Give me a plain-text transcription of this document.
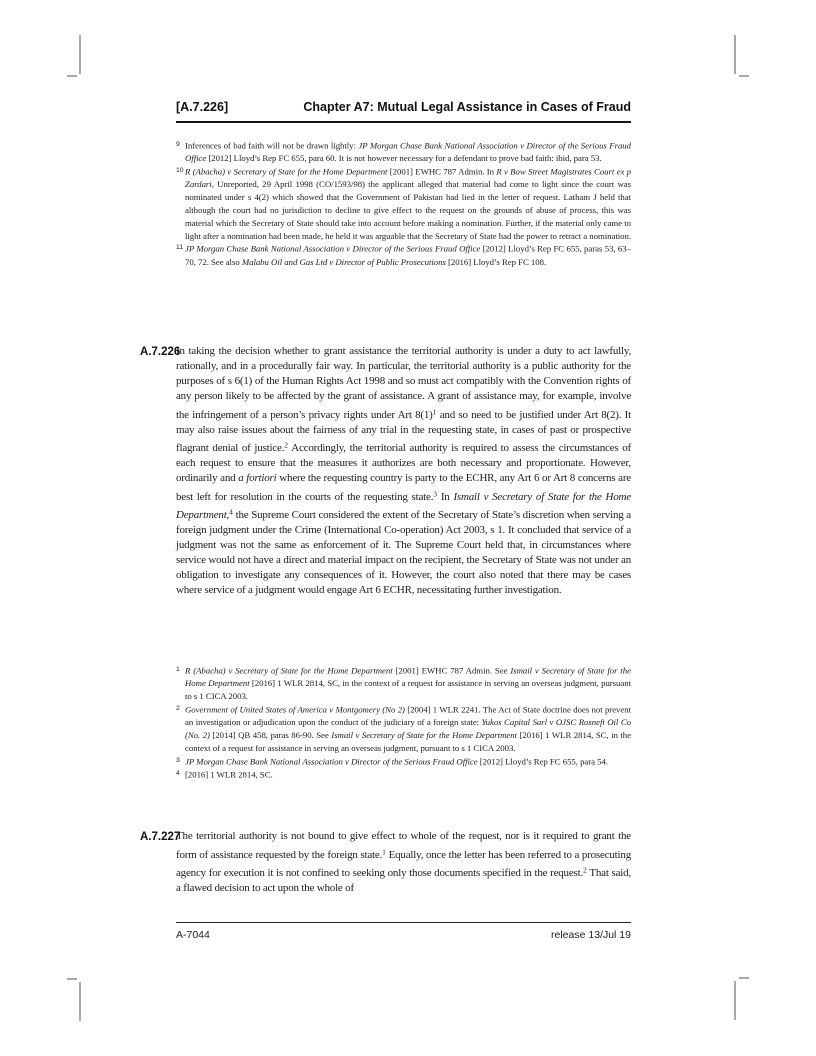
[A.7.226]	Chapter A7: Mutual Legal Assistance in Cases of Fraud
9 Inferences of bad faith will not be drawn lightly: JP Morgan Chase Bank National Association v Director of the Serious Fraud Office [2012] Lloyd’s Rep FC 655, para 60. It is not however necessary for a defendant to prove bad faith: ibid, para 53.
10 R (Abacha) v Secretary of State for the Home Department [2001] EWHC 787 Admin. In R v Bow Street Magistrates Court ex p Zardari, Unreported, 29 April 1998 (CO/1593/98) the applicant alleged that material had come to light since the court was nominated under s 4(2) which showed that the Government of Pakistan had lied in the letter of request. Latham J held that although the court had no jurisdiction to decline to give effect to the request on the grounds of abuse of process, this was material which the Secretary of State should take into account before making a nomination. Further, if the material only came to light after a nomination had been made, he held it was arguable that the Secretary of State had the power to retract a nomination.
11 JP Morgan Chase Bank National Association v Director of the Serious Fraud Office [2012] Lloyd’s Rep FC 655, paras 53, 63–70, 72. See also Malabu Oil and Gas Ltd v Director of Public Prosecutions [2016] Lloyd’s Rep FC 108.
A.7.226
In taking the decision whether to grant assistance the territorial authority is under a duty to act lawfully, rationally, and in a procedurally fair way. In particular, the territorial authority is a public authority for the purposes of s 6(1) of the Human Rights Act 1998 and so must act compatibly with the Convention rights of any person likely to be affected by the grant of assistance. A grant of assistance may, for example, involve the infringement of a person’s privacy rights under Art $8(1)^1$ and so need to be justified under Art 8(2). It may also raise issues about the fairness of any trial in the requesting state, in cases of past or prospective flagrant denial of justice.$^2$ Accordingly, the territorial authority is required to assess the circumstances of each request to ensure that the measures it authorizes are both necessary and proportionate. However, ordinarily and a fortiori where the requesting country is party to the ECHR, any Art 6 or Art 8 concerns are best left for resolution in the courts of the requesting state.$^3$ In Ismail v Secretary of State for the Home Department,$^4$ the Supreme Court considered the extent of the Secretary of State’s discretion when serving a foreign judgment under the Crime (International Co-operation) Act 2003, s 1. It concluded that service of a judgment was not the same as enforcement of it. The Supreme Court held that, in circumstances where service would not have a direct and material impact on the recipient, the Secretary of State was not under an obligation to investigate any consequences of it. However, the court also noted that there may be cases where service of a judgment would engage Art 6 ECHR, necessitating further investigation.
1 R (Abacha) v Secretary of State for the Home Department [2001] EWHC 787 Admin. See Ismail v Secretary of State for the Home Department [2016] 1 WLR 2814, SC, in the context of a request for assistance in serving an overseas judgment, pursuant to s 1 CICA 2003.
2 Government of United States of America v Montgomery (No 2) [2004] 1 WLR 2241. The Act of State doctrine does not prevent an investigation or adjudication upon the conduct of the judiciary of a foreign state: Yukos Capital Sarl v OJSC Rosneft Oil Co (No. 2) [2014] QB 458, paras 86-90. See Ismail v Secretary of State for the Home Department [2016] 1 WLR 2814, SC, in the context of a request for assistance in serving an overseas judgment, pursuant to s 1 CICA 2003.
3 JP Morgan Chase Bank National Association v Director of the Serious Fraud Office [2012] Lloyd’s Rep FC 655, para 54.
4 [2016] 1 WLR 2814, SC.
A.7.227
The territorial authority is not bound to give effect to whole of the request, nor is it required to grant the form of assistance requested by the foreign state.$^1$ Equally, once the letter has been referred to a prosecuting agency for execution it is not confined to seeking only those documents specified in the request.$^2$ That said, a flawed decision to act upon the whole of
A-7044	release 13/Jul 19
